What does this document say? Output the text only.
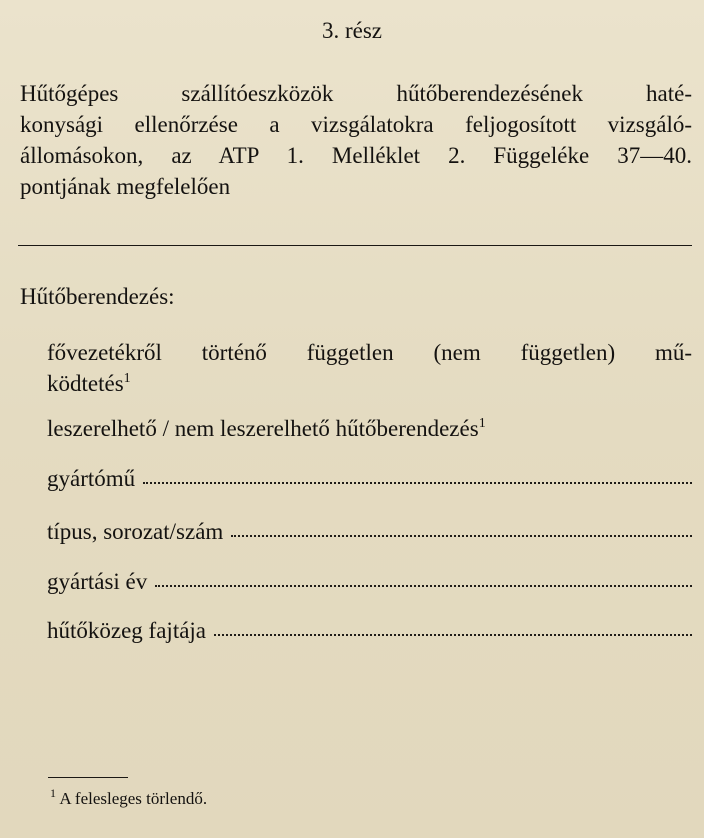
3. rész
Hűtőgépes szállítóeszközök hűtőberendezésének haté-
konysági ellenőrzése a vizsgálatokra feljogosított vizsgáló-
állomásokon, az ATP 1. Melléklet 2. Függeléke 37—40.
pontjának megfelelően
Hűtőberendezés:
fővezetékről történő független (nem független) mű-
ködtetés$^1$
leszerelhető / nem leszerelhető hűtőberendezés$^1$
gyártómű
típus, sorozat/szám
gyártási év
hűtőközeg fajtája
$^1$ A felesleges törlendő.
